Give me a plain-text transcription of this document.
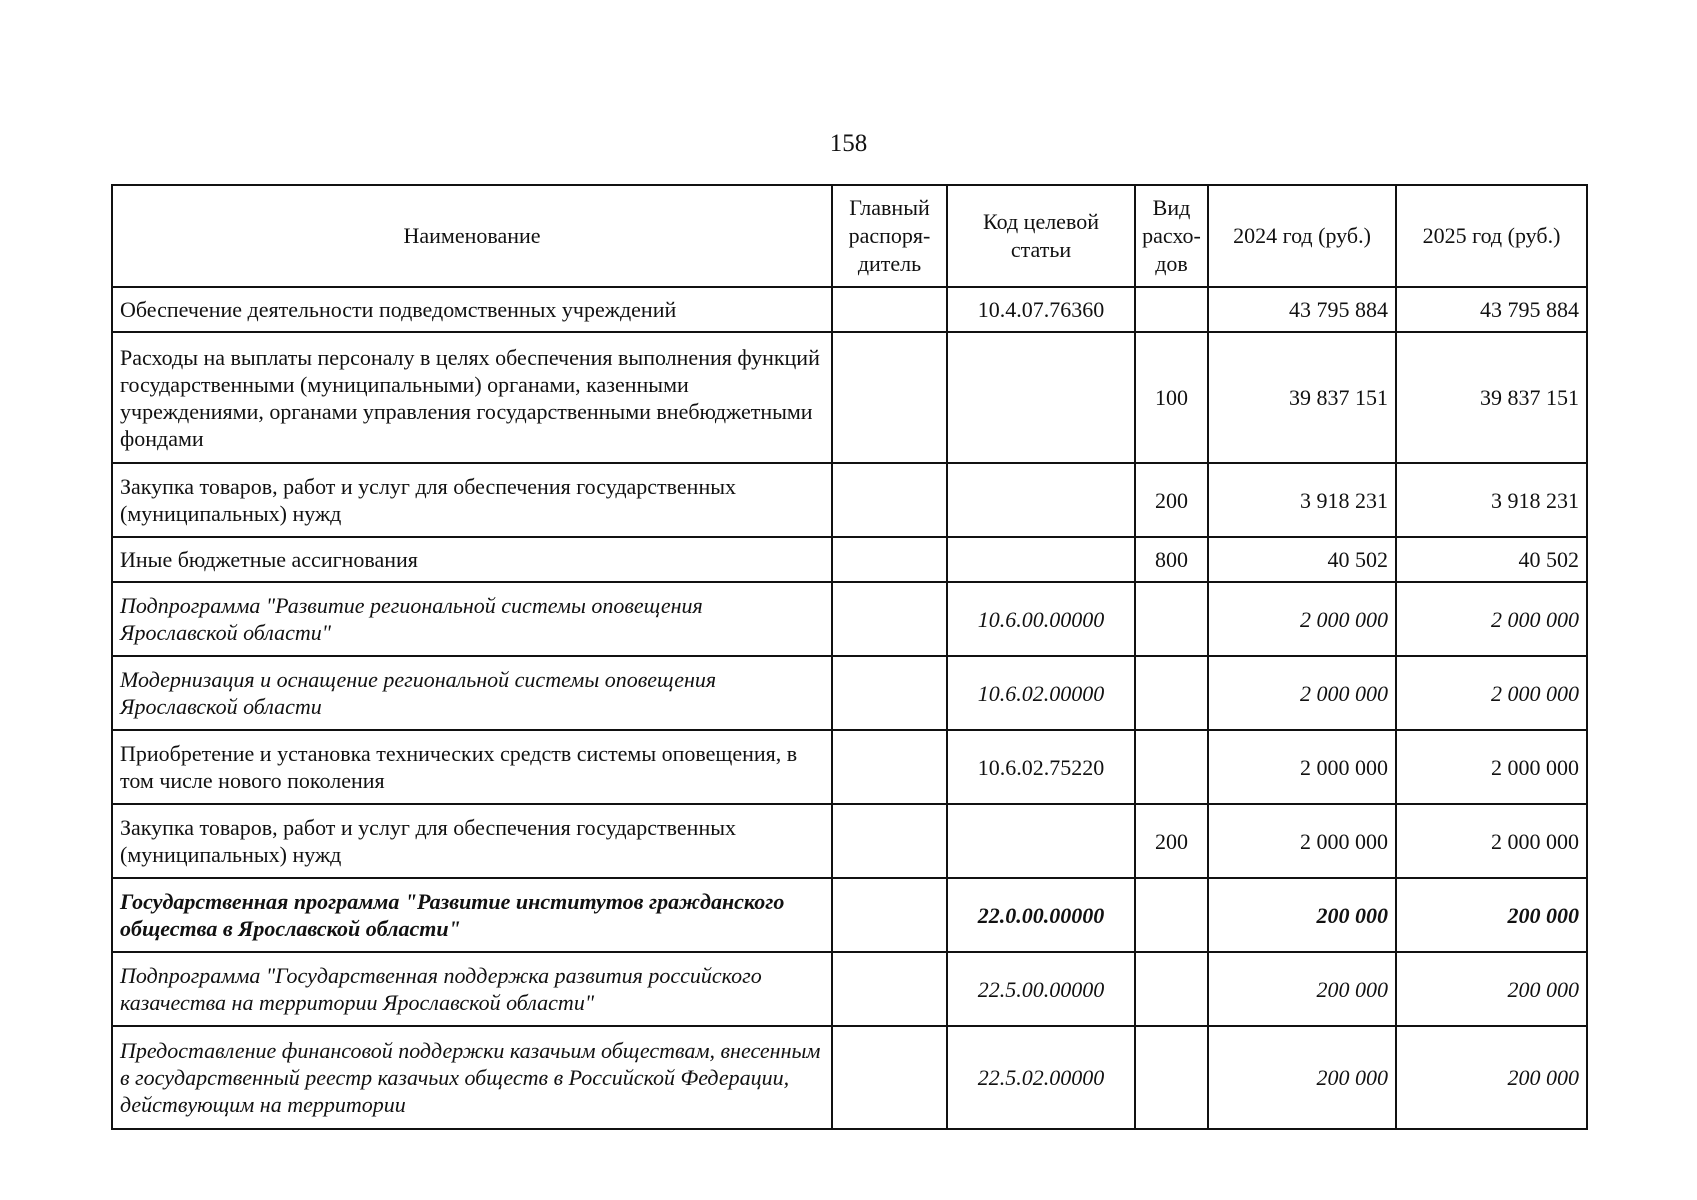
158
Наименование	Главный распоря-дитель	Код целевой статьи	Вид расхо-дов	2024 год (руб.)	2025 год (руб.)
Обеспечение деятельности подведомственных учреждений		10.4.07.76360		43 795 884	43 795 884
Расходы на выплаты персоналу в целях обеспечения выполнения функций государственными (муниципальными) органами, казенными учреждениями, органами управления государственными внебюджетными фондами			100	39 837 151	39 837 151
Закупка товаров, работ и услуг для обеспечения государственных (муниципальных) нужд			200	3 918 231	3 918 231
Иные бюджетные ассигнования			800	40 502	40 502
Подпрограмма "Развитие региональной системы оповещения Ярославской области"		10.6.00.00000		2 000 000	2 000 000
Модернизация и оснащение региональной системы оповещения Ярославской области		10.6.02.00000		2 000 000	2 000 000
Приобретение и установка технических средств системы оповещения, в том числе нового поколения		10.6.02.75220		2 000 000	2 000 000
Закупка товаров, работ и услуг для обеспечения государственных (муниципальных) нужд			200	2 000 000	2 000 000
Государственная программа "Развитие институтов гражданского общества в Ярославской области"		22.0.00.00000		200 000	200 000
Подпрограмма "Государственная поддержка развития российского казачества на территории Ярославской области"		22.5.00.00000		200 000	200 000
Предоставление финансовой поддержки казачьим обществам, внесенным в государственный реестр казачьих обществ в Российской Федерации, действующим на территории		22.5.02.00000		200 000	200 000
